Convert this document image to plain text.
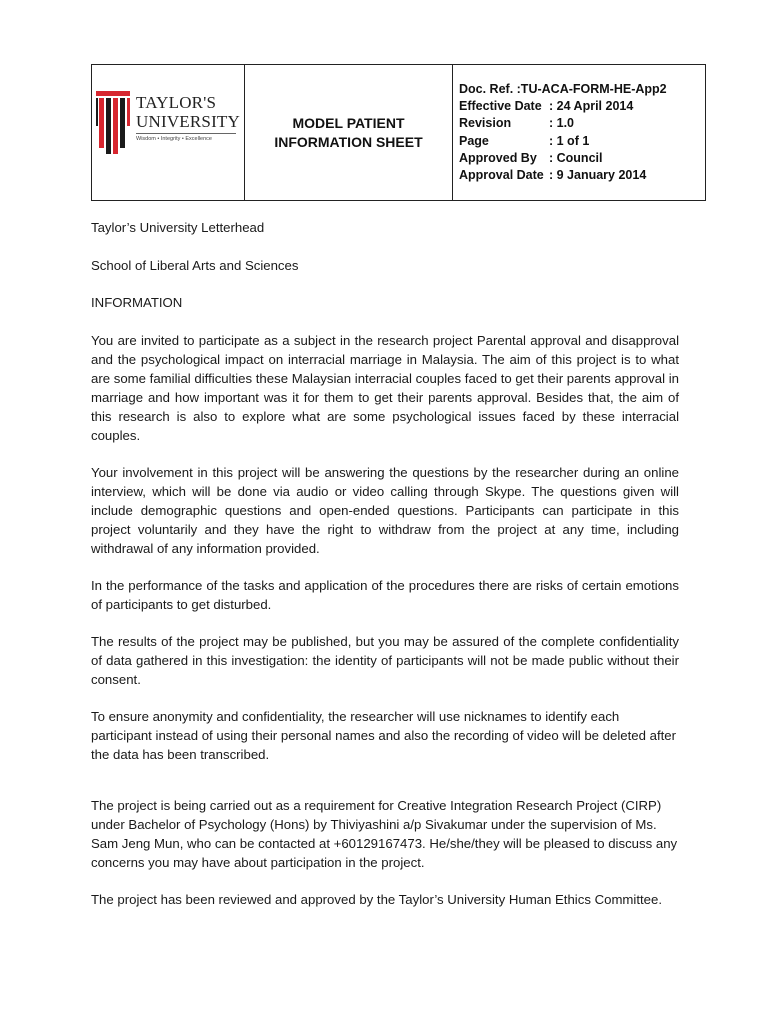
TAYLOR'S
UNIVERSITY
Wisdom • Integrity • Excellence
MODEL PATIENT
INFORMATION SHEET
Doc. Ref. :TU-ACA-FORM-HE-App2
Effective Date : 24 April 2014
Revision	: 1.0
Page	: 1 of 1
Approved By : Council
Approval Date : 9 January 2014

Taylor’s University Letterhead

School of Liberal Arts and Sciences

INFORMATION

You are invited to participate as a subject in the research project Parental approval and disapproval and the psychological impact on interracial marriage in Malaysia. The aim of this project is to what are some familial difficulties these Malaysian interracial couples faced to get their parents approval in marriage and how important was it for them to get their parents approval. Besides that, the aim of this research is also to explore what are some psychological issues faced by these interracial couples.

Your involvement in this project will be answering the questions by the researcher during an online interview, which will be done via audio or video calling through Skype. The questions given will include demographic questions and open-ended questions. Participants can participate in this project voluntarily and they have the right to withdraw from the project at any time, including withdrawal of any information provided.

In the performance of the tasks and application of the procedures there are risks of certain emotions of participants to get disturbed.

The results of the project may be published, but you may be assured of the complete confidentiality of data gathered in this investigation: the identity of participants will not be made public without their consent.

To ensure anonymity and confidentiality, the researcher will use nicknames to identify each participant instead of using their personal names and also the recording of video will be deleted after the data has been transcribed.

The project is being carried out as a requirement for Creative Integration Research Project (CIRP) under Bachelor of Psychology (Hons) by Thiviyashini a/p Sivakumar under the supervision of Ms. Sam Jeng Mun, who can be contacted at +60129167473. He/she/they will be pleased to discuss any concerns you may have about participation in the project.

The project has been reviewed and approved by the Taylor’s University Human Ethics Committee.
